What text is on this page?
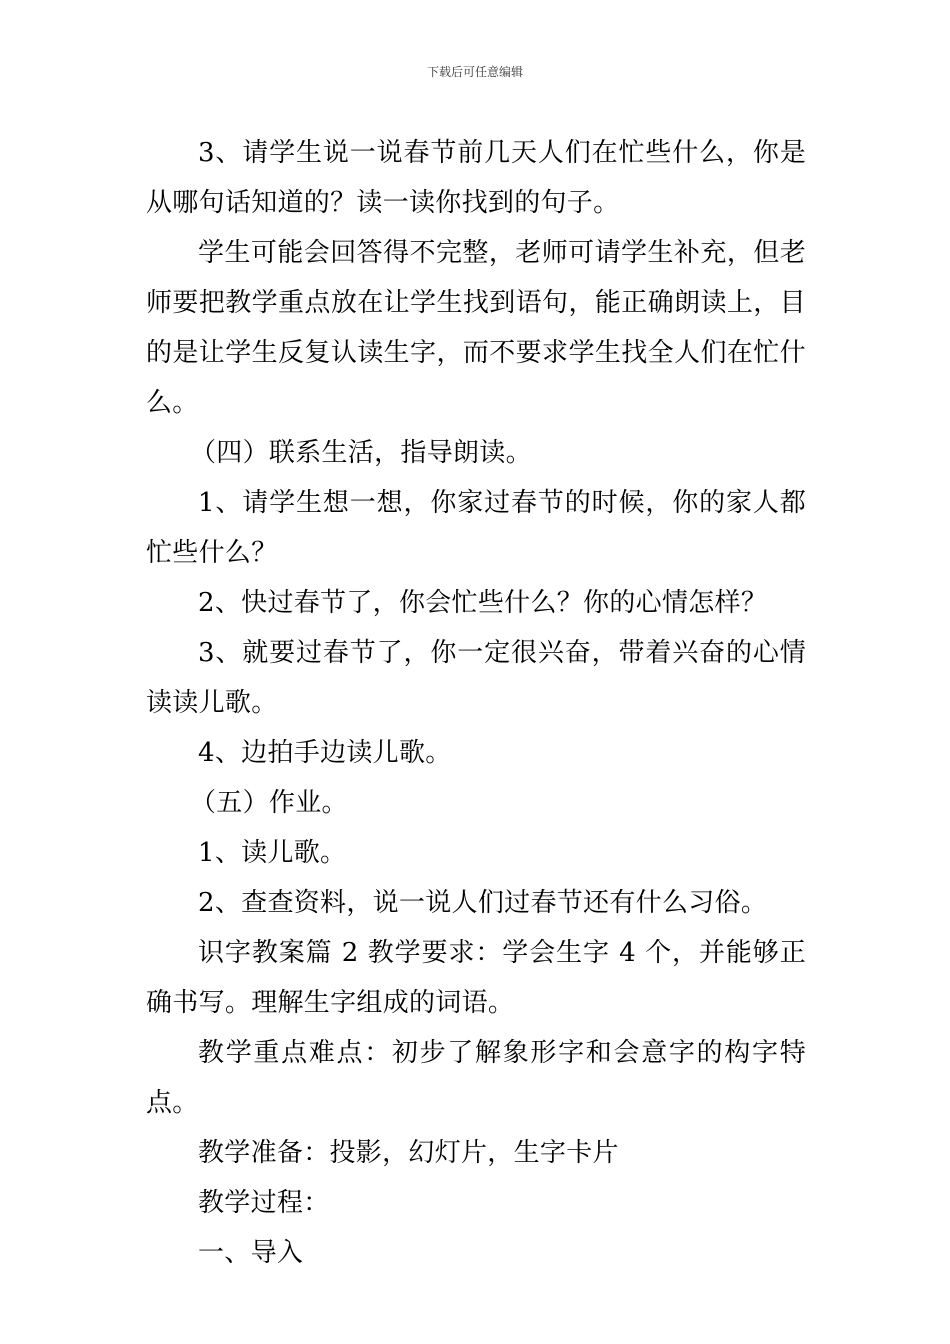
下载后可任意编辑

3、请学生说一说春节前几天人们在忙些什么，你是从哪句话知道的？读一读你找到的句子。

学生可能会回答得不完整，老师可请学生补充，但老师要把教学重点放在让学生找到语句，能正确朗读上，目的是让学生反复认读生字，而不要求学生找全人们在忙什么。

（四）联系生活，指导朗读。

1、请学生想一想，你家过春节的时候，你的家人都忙些什么？

2、快过春节了，你会忙些什么？你的心情怎样？

3、就要过春节了，你一定很兴奋，带着兴奋的心情读读儿歌。

4、边拍手边读儿歌。

（五）作业。

1、读儿歌。

2、查查资料，说一说人们过春节还有什么习俗。

识字教案篇 2 教学要求：学会生字 4 个，并能够正确书写。理解生字组成的词语。

教学重点难点：初步了解象形字和会意字的构字特点。

教学准备：投影，幻灯片，生字卡片

教学过程：

一、导入
